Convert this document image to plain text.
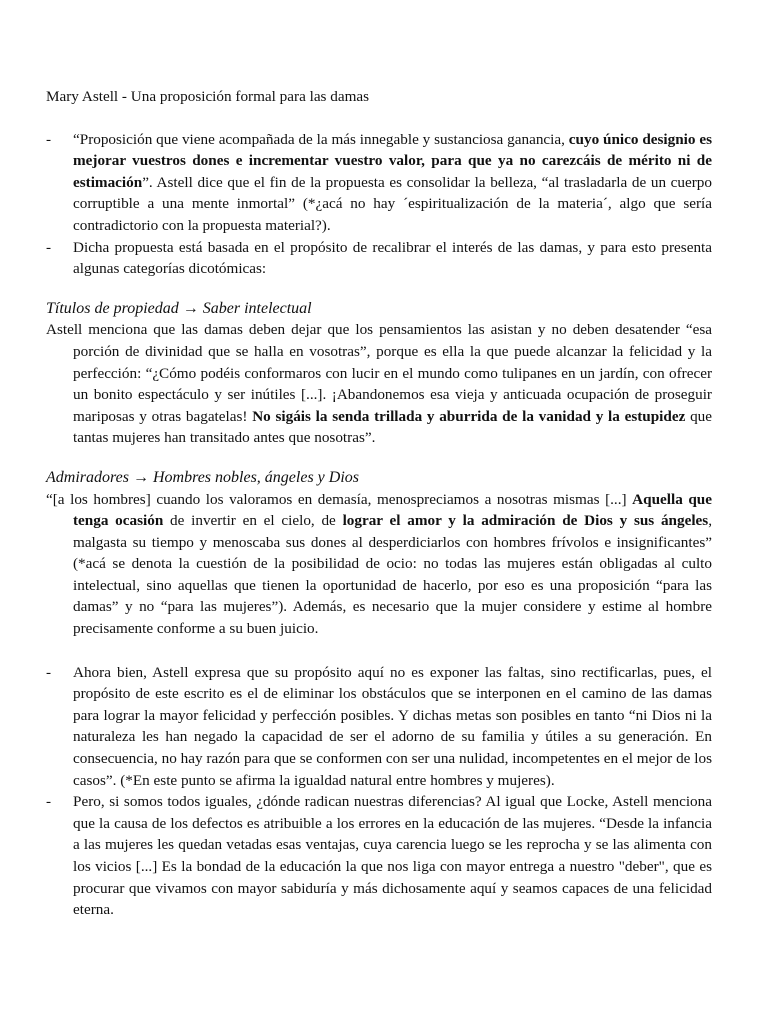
Mary Astell - Una proposición formal para las damas

- “Proposición que viene acompañada de la más innegable y sustanciosa ganancia, cuyo único designio es mejorar vuestros dones e incrementar vuestro valor, para que ya no carezcáis de mérito ni de estimación”. Astell dice que el fin de la propuesta es consolidar la belleza, “al trasladarla de un cuerpo corruptible a una mente inmortal” (*¿acá no hay ´espiritualización de la materia´, algo que sería contradictorio con la propuesta material?).
- Dicha propuesta está basada en el propósito de recalibrar el interés de las damas, y para esto presenta algunas categorías dicotómicas:

Títulos de propiedad → Saber intelectual

Astell menciona que las damas deben dejar que los pensamientos las asistan y no deben desatender “esa porción de divinidad que se halla en vosotras”, porque es ella la que puede alcanzar la felicidad y la perfección: “¿Cómo podéis conformaros con lucir en el mundo como tulipanes en un jardín, con ofrecer un bonito espectáculo y ser inútiles [...]. ¡Abandonemos esa vieja y anticuada ocupación de proseguir mariposas y otras bagatelas! No sigáis la senda trillada y aburrida de la vanidad y la estupidez que tantas mujeres han transitado antes que nosotras”.

Admiradores → Hombres nobles, ángeles y Dios

“[a los hombres] cuando los valoramos en demasía, menospreciamos a nosotras mismas [...] Aquella que tenga ocasión de invertir en el cielo, de lograr el amor y la admiración de Dios y sus ángeles, malgasta su tiempo y menoscaba sus dones al desperdiciarlos con hombres frívolos e insignificantes” (*acá se denota la cuestión de la posibilidad de ocio: no todas las mujeres están obligadas al culto intelectual, sino aquellas que tienen la oportunidad de hacerlo, por eso es una proposición “para las damas” y no “para las mujeres”). Además, es necesario que la mujer considere y estime al hombre precisamente conforme a su buen juicio.

- Ahora bien, Astell expresa que su propósito aquí no es exponer las faltas, sino rectificarlas, pues, el propósito de este escrito es el de eliminar los obstáculos que se interponen en el camino de las damas para lograr la mayor felicidad y perfección posibles. Y dichas metas son posibles en tanto “ni Dios ni la naturaleza les han negado la capacidad de ser el adorno de su familia y útiles a su generación. En consecuencia, no hay razón para que se conformen con ser una nulidad, incompetentes en el mejor de los casos”. (*En este punto se afirma la igualdad natural entre hombres y mujeres).
- Pero, si somos todos iguales, ¿dónde radican nuestras diferencias? Al igual que Locke, Astell menciona que la causa de los defectos es atribuible a los errores en la educación de las mujeres. “Desde la infancia a las mujeres les quedan vetadas esas ventajas, cuya carencia luego se les reprocha y se las alimenta con los vicios [...] Es la bondad de la educación la que nos liga con mayor entrega a nuestro "deber", que es procurar que vivamos con mayor sabiduría y más dichosamente aquí y seamos capaces de una felicidad eterna.
